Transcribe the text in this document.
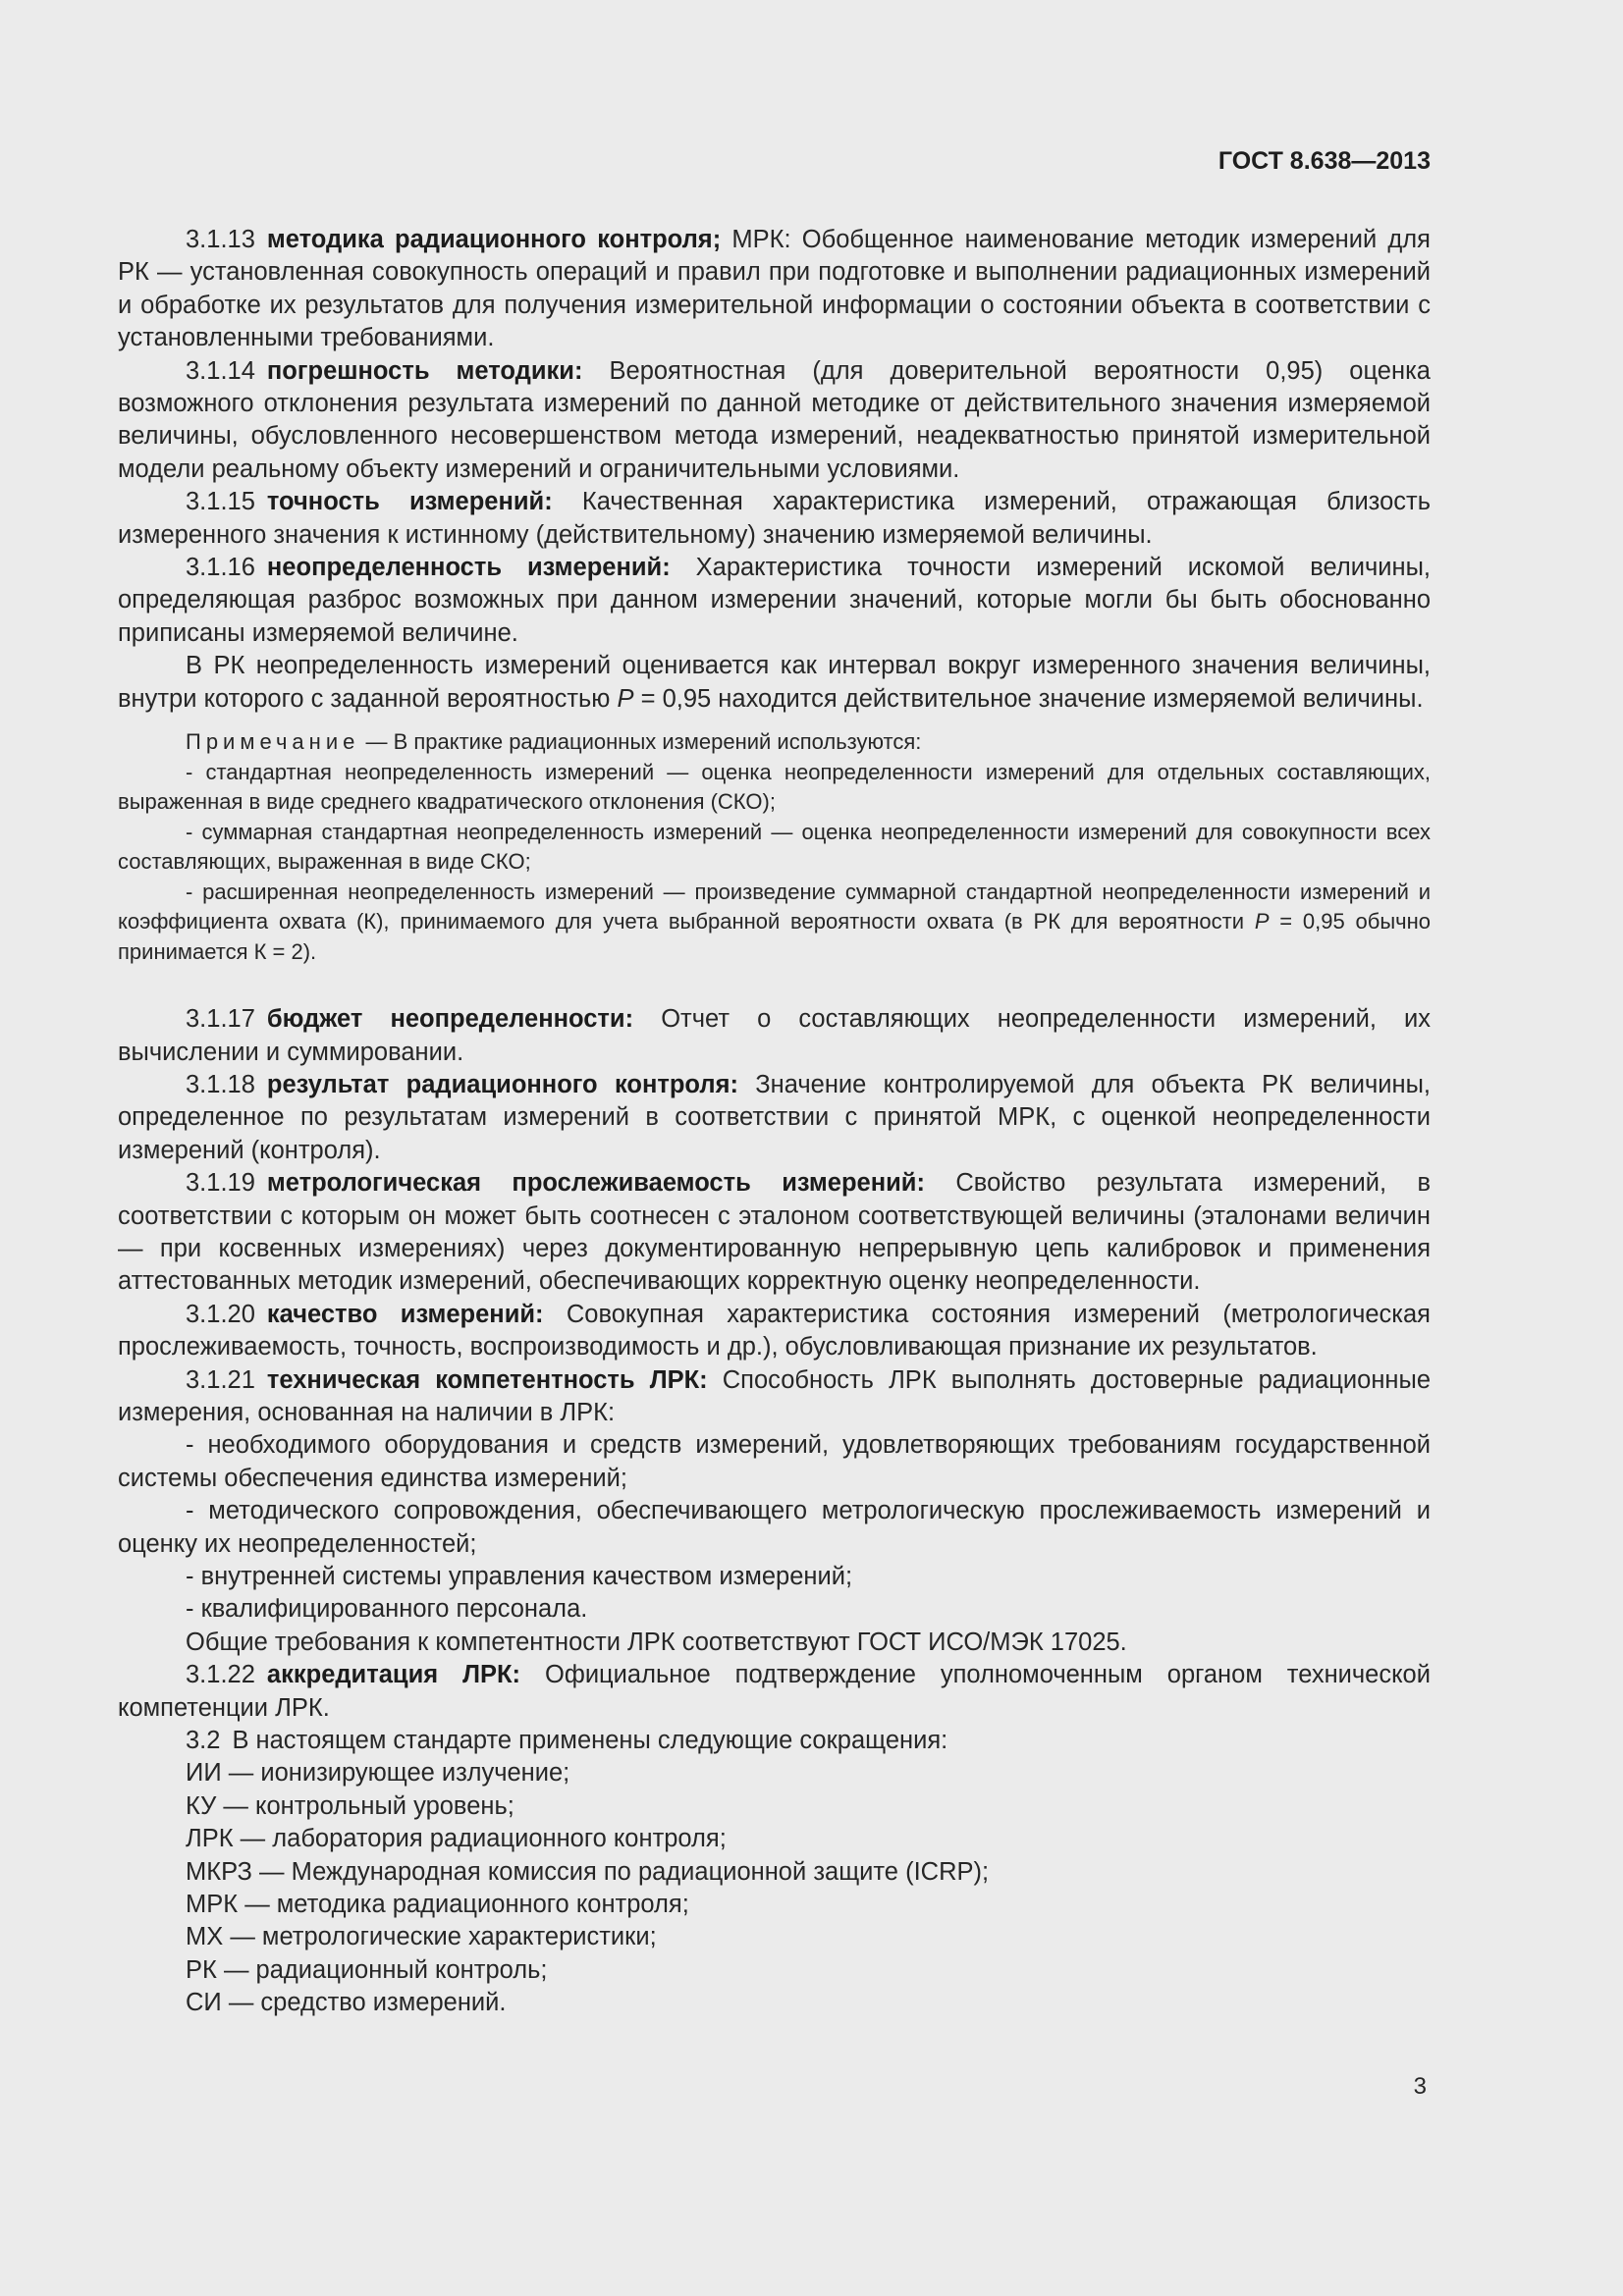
ГОСТ 8.638—2013

3.1.13 методика радиационного контроля; МРК: Обобщенное наименование методик измерений для РК — установленная совокупность операций и правил при подготовке и выполнении радиационных измерений и обработке их результатов для получения измерительной информации о состоянии объекта в соответствии с установленными требованиями.

3.1.14 погрешность методики: Вероятностная (для доверительной вероятности 0,95) оценка возможного отклонения результата измерений по данной методике от действительного значения измеряемой величины, обусловленного несовершенством метода измерений, неадекватностью принятой измерительной модели реальному объекту измерений и ограничительными условиями.

3.1.15 точность измерений: Качественная характеристика измерений, отражающая близость измеренного значения к истинному (действительному) значению измеряемой величины.

3.1.16 неопределенность измерений: Характеристика точности измерений искомой величины, определяющая разброс возможных при данном измерении значений, которые могли бы быть обоснованно приписаны измеряемой величине.

В РК неопределенность измерений оценивается как интервал вокруг измеренного значения величины, внутри которого с заданной вероятностью P = 0,95 находится действительное значение измеряемой величины.

Примечание — В практике радиационных измерений используются:
- стандартная неопределенность измерений — оценка неопределенности измерений для отдельных составляющих, выраженная в виде среднего квадратического отклонения (СКО);
- суммарная стандартная неопределенность измерений — оценка неопределенности измерений для совокупности всех составляющих, выраженная в виде СКО;
- расширенная неопределенность измерений — произведение суммарной стандартной неопределенности измерений и коэффициента охвата (К), принимаемого для учета выбранной вероятности охвата (в РК для вероятности P = 0,95 обычно принимается К = 2).

3.1.17 бюджет неопределенности: Отчет о составляющих неопределенности измерений, их вычислении и суммировании.

3.1.18 результат радиационного контроля: Значение контролируемой для объекта РК величины, определенное по результатам измерений в соответствии с принятой МРК, с оценкой неопределенности измерений (контроля).

3.1.19 метрологическая прослеживаемость измерений: Свойство результата измерений, в соответствии с которым он может быть соотнесен с эталоном соответствующей величины (эталонами величин — при косвенных измерениях) через документированную непрерывную цепь калибровок и применения аттестованных методик измерений, обеспечивающих корректную оценку неопределенности.

3.1.20 качество измерений: Совокупная характеристика состояния измерений (метрологическая прослеживаемость, точность, воспроизводимость и др.), обусловливающая признание их результатов.

3.1.21 техническая компетентность ЛРК: Способность ЛРК выполнять достоверные радиационные измерения, основанная на наличии в ЛРК:

- необходимого оборудования и средств измерений, удовлетворяющих требованиям государственной системы обеспечения единства измерений;

- методического сопровождения, обеспечивающего метрологическую прослеживаемость измерений и оценку их неопределенностей;

- внутренней системы управления качеством измерений;

- квалифицированного персонала.

Общие требования к компетентности ЛРК соответствуют ГОСТ ИСО/МЭК 17025.

3.1.22 аккредитация ЛРК: Официальное подтверждение уполномоченным органом технической компетенции ЛРК.

3.2 В настоящем стандарте применены следующие сокращения:

ИИ — ионизирующее излучение;

КУ — контрольный уровень;

ЛРК — лаборатория радиационного контроля;

МКРЗ — Международная комиссия по радиационной защите (ICRP);

МРК — методика радиационного контроля;

МХ — метрологические характеристики;

РК — радиационный контроль;

СИ — средство измерений.

3
